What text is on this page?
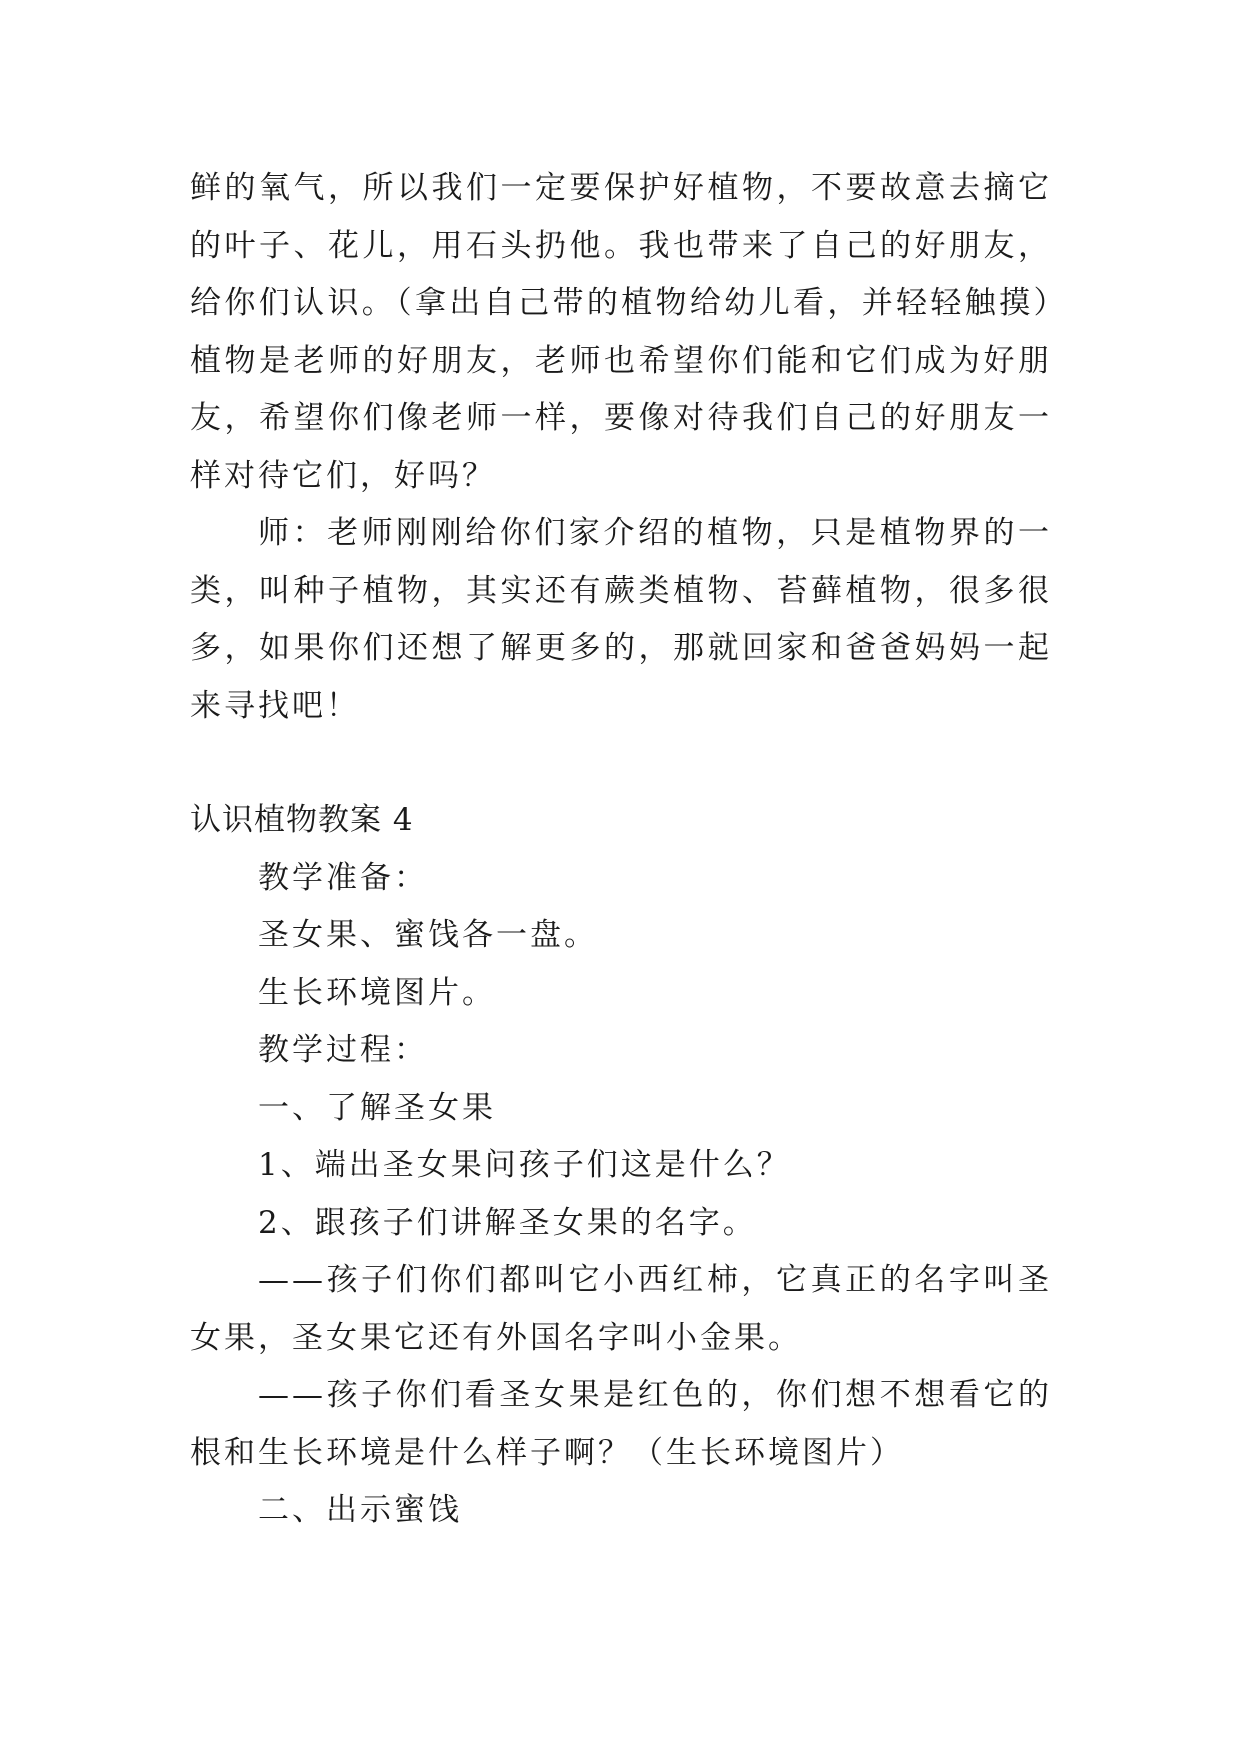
鲜的氧气，所以我们一定要保护好植物，不要故意去摘它的叶子、花儿，用石头扔他。我也带来了自己的好朋友，给你们认识。（拿出自己带的植物给幼儿看，并轻轻触摸）植物是老师的好朋友，老师也希望你们能和它们成为好朋友，希望你们像老师一样，要像对待我们自己的好朋友一样对待它们，好吗？

师：老师刚刚给你们家介绍的植物，只是植物界的一类，叫种子植物，其实还有蕨类植物、苔藓植物，很多很多，如果你们还想了解更多的，那就回家和爸爸妈妈一起来寻找吧！

认识植物教案 4

教学准备：

圣女果、蜜饯各一盘。

生长环境图片。

教学过程：

一、了解圣女果

1、端出圣女果问孩子们这是什么？

2、跟孩子们讲解圣女果的名字。

——孩子们你们都叫它小西红柿，它真正的名字叫圣女果，圣女果它还有外国名字叫小金果。

——孩子你们看圣女果是红色的，你们想不想看它的根和生长环境是什么样子啊？（生长环境图片）

二、出示蜜饯
